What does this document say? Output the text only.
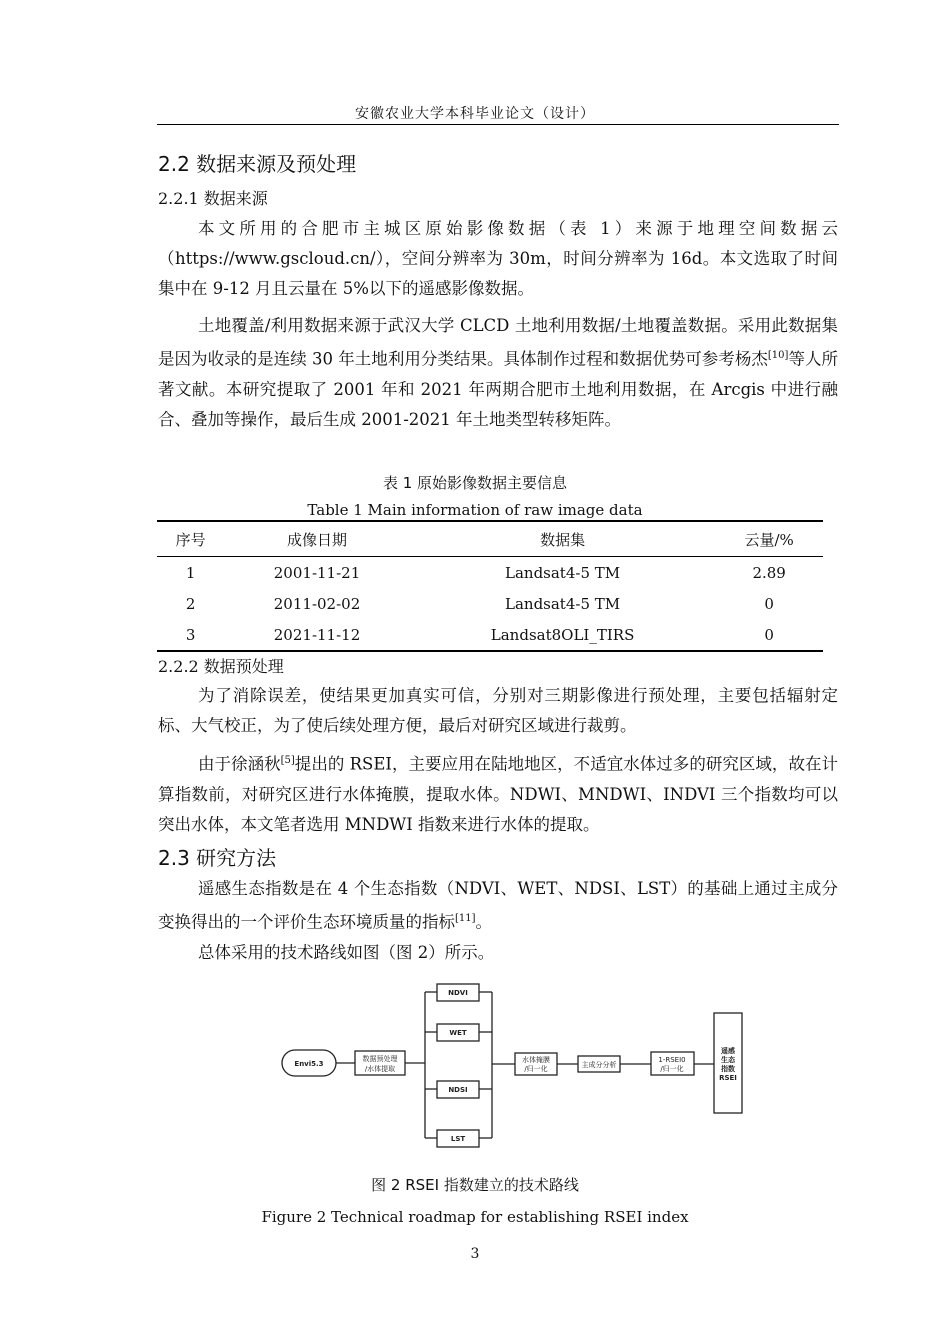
安徽农业大学本科毕业论文（设计）
2.2 数据来源及预处理
2.2.1 数据来源
本文所用的合肥市主城区原始影像数据（表 1）来源于地理空间数据云（https://www.gscloud.cn/），空间分辨率为 30m，时间分辨率为 16d。本文选取了时间集中在 9-12 月且云量在 5%以下的遥感影像数据。
土地覆盖/利用数据来源于武汉大学 CLCD 土地利用数据/土地覆盖数据。采用此数据集是因为收录的是连续 30 年土地利用分类结果。具体制作过程和数据优势可参考杨杰[10]等人所著文献。本研究提取了 2001 年和 2021 年两期合肥市土地利用数据，在 Arcgis 中进行融合、叠加等操作，最后生成 2001-2021 年土地类型转移矩阵。
表 1 原始影像数据主要信息
Table 1 Main information of raw image data
序号	成像日期	数据集	云量/%
1	2001-11-21	Landsat4-5 TM	2.89
2	2011-02-02	Landsat4-5 TM	0
3	2021-11-12	Landsat8OLI_TIRS	0
2.2.2 数据预处理
为了消除误差，使结果更加真实可信，分别对三期影像进行预处理，主要包括辐射定标、大气校正，为了使后续处理方便，最后对研究区域进行裁剪。
由于徐涵秋[5]提出的 RSEI，主要应用在陆地地区，不适宜水体过多的研究区域，故在计算指数前，对研究区进行水体掩膜，提取水体。NDWI、MNDWI、INDVI 三个指数均可以突出水体，本文笔者选用 MNDWI 指数来进行水体的提取。
2.3 研究方法
遥感生态指数是在 4 个生态指数（NDVI、WET、NDSI、LST）的基础上通过主成分变换得出的一个评价生态环境质量的指标[11]。
总体采用的技术路线如图（图 2）所示。
Envi5.3
数据预处理
/水体提取
NDVI
WET
NDSI
LST
水体掩膜
/归一化	主成分分析
1-RSEI0
/归一化
遥感
生态
指数
RSEI
图 2 RSEI 指数建立的技术路线
Figure 2 Technical roadmap for establishing RSEI index
3
